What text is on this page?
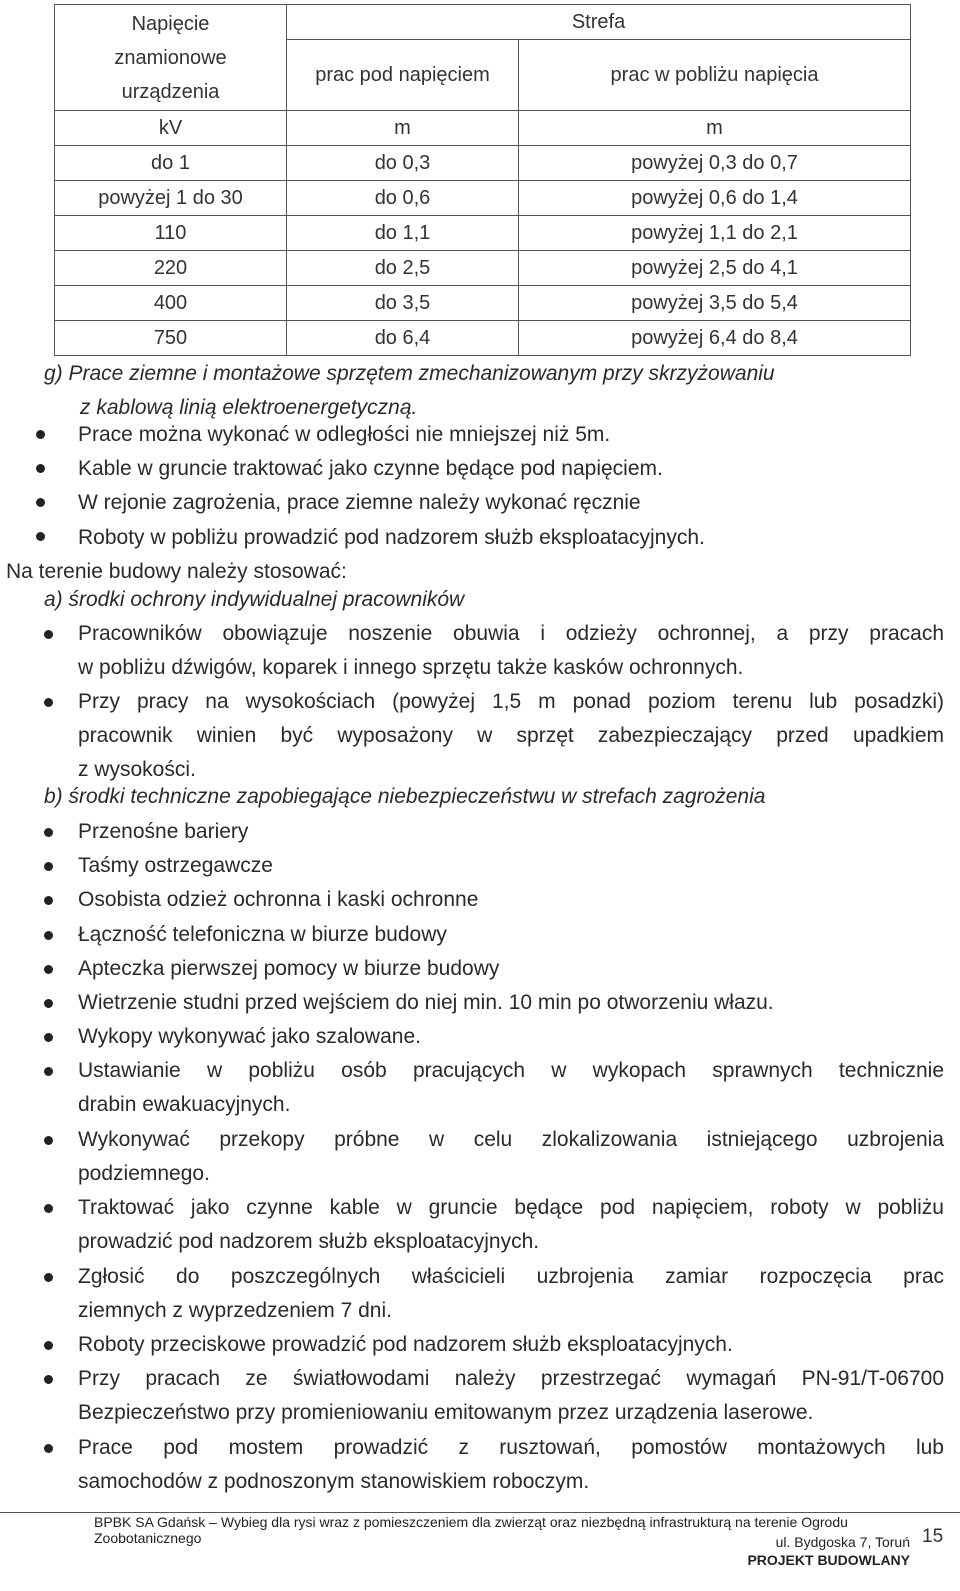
Napięcie
znamionowe
urządzenia	Strefa	
	prac pod napięciem	prac w pobliżu napięcia
kV	m	m
do 1	do 0,3	powyżej 0,3 do 0,7
powyżej 1 do 30	do 0,6	powyżej 0,6 do 1,4
110	do 1,1	powyżej 1,1 do 2,1
220	do 2,5	powyżej 2,5 do 4,1
400	do 3,5	powyżej 3,5 do 5,4
750	do 6,4	powyżej 6,4 do 8,4
g) Prace ziemne i montażowe sprzętem zmechanizowanym przy skrzyżowaniu
z kablową linią elektroenergetyczną.
Prace można wykonać w odległości nie mniejszej niż 5m.
Kable w gruncie traktować jako czynne będące pod napięciem.
W rejonie zagrożenia, prace ziemne należy wykonać ręcznie
Roboty w pobliżu prowadzić pod nadzorem służb eksploatacyjnych.
Na terenie budowy należy stosować:
a) środki ochrony indywidualnej pracowników
Pracowników obowiązuje noszenie obuwia i odzieży ochronnej, a przy pracach
w pobliżu dźwigów, koparek i innego sprzętu także kasków ochronnych.
Przy pracy na wysokościach (powyżej 1,5 m ponad poziom terenu lub posadzki)
pracownik winien być wyposażony w sprzęt zabezpieczający przed upadkiem
z wysokości.
b) środki techniczne zapobiegające niebezpieczeństwu w strefach zagrożenia
Przenośne bariery
Taśmy ostrzegawcze
Osobista odzież ochronna i kaski ochronne
Łączność telefoniczna w biurze budowy
Apteczka pierwszej pomocy w biurze budowy
Wietrzenie studni przed wejściem do niej min. 10 min po otworzeniu włazu.
Wykopy wykonywać jako szalowane.
Ustawianie w pobliżu osób pracujących w wykopach sprawnych technicznie
drabin ewakuacyjnych.
Wykonywać przekopy próbne w celu zlokalizowania istniejącego uzbrojenia
podziemnego.
Traktować jako czynne kable w gruncie będące pod napięciem, roboty w pobliżu
prowadzić pod nadzorem służb eksploatacyjnych.
Zgłosić do poszczególnych właścicieli uzbrojenia zamiar rozpoczęcia prac
ziemnych z wyprzedzeniem 7 dni.
Roboty przeciskowe prowadzić pod nadzorem służb eksploatacyjnych.
Przy pracach ze światłowodami należy przestrzegać wymagań PN-91/T-06700
Bezpieczeństwo przy promieniowaniu emitowanym przez urządzenia laserowe.
Prace pod mostem prowadzić z rusztowań, pomostów montażowych lub
samochodów z podnoszonym stanowiskiem roboczym.
BPBK SA Gdańsk – Wybieg dla rysi wraz z pomieszczeniem dla zwierząt oraz niezbędną infrastrukturą na terenie Ogrodu Zoobotanicznego	ul. Bydgoska 7, Toruń
PROJEKT BUDOWLANY
15
